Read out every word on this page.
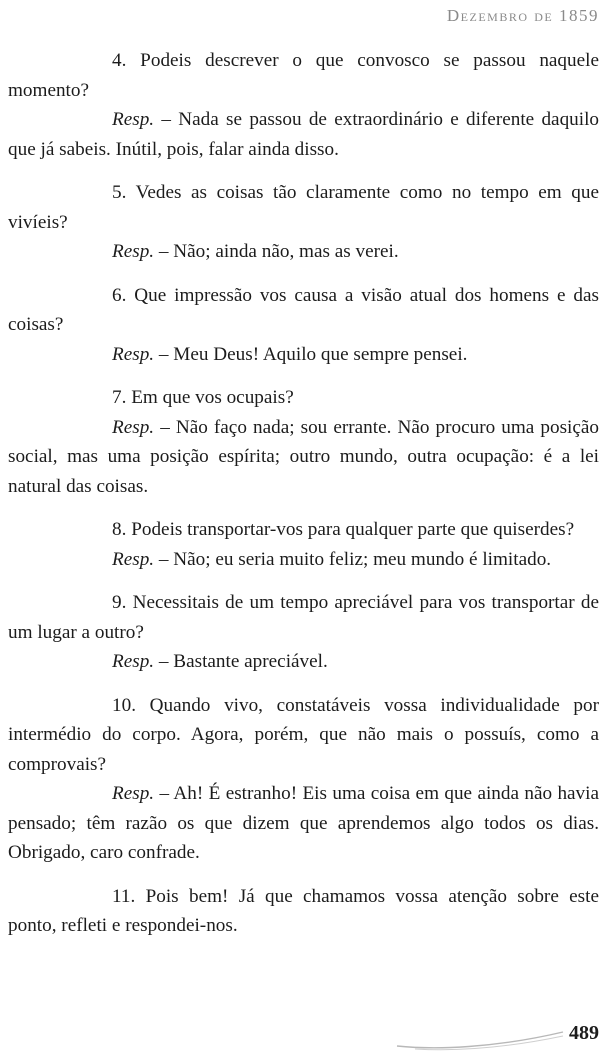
Dezembro de 1859

4. Podeis descrever o que convosco se passou naquele momento?

Resp. – Nada se passou de extraordinário e diferente daquilo que já sabeis. Inútil, pois, falar ainda disso.

5. Vedes as coisas tão claramente como no tempo em que vivíeis?

Resp. – Não; ainda não, mas as verei.

6. Que impressão vos causa a visão atual dos homens e das coisas?

Resp. – Meu Deus! Aquilo que sempre pensei.

7. Em que vos ocupais?

Resp. – Não faço nada; sou errante. Não procuro uma posição social, mas uma posição espírita; outro mundo, outra ocupação: é a lei natural das coisas.

8. Podeis transportar-vos para qualquer parte que quiserdes?

Resp. – Não; eu seria muito feliz; meu mundo é limitado.

9. Necessitais de um tempo apreciável para vos transportar de um lugar a outro?

Resp. – Bastante apreciável.

10. Quando vivo, constatáveis vossa individualidade por intermédio do corpo. Agora, porém, que não mais o possuís, como a comprovais?

Resp. – Ah! É estranho! Eis uma coisa em que ainda não havia pensado; têm razão os que dizem que aprendemos algo todos os dias. Obrigado, caro confrade.

11. Pois bem! Já que chamamos vossa atenção sobre este ponto, refleti e respondei-nos.

489
